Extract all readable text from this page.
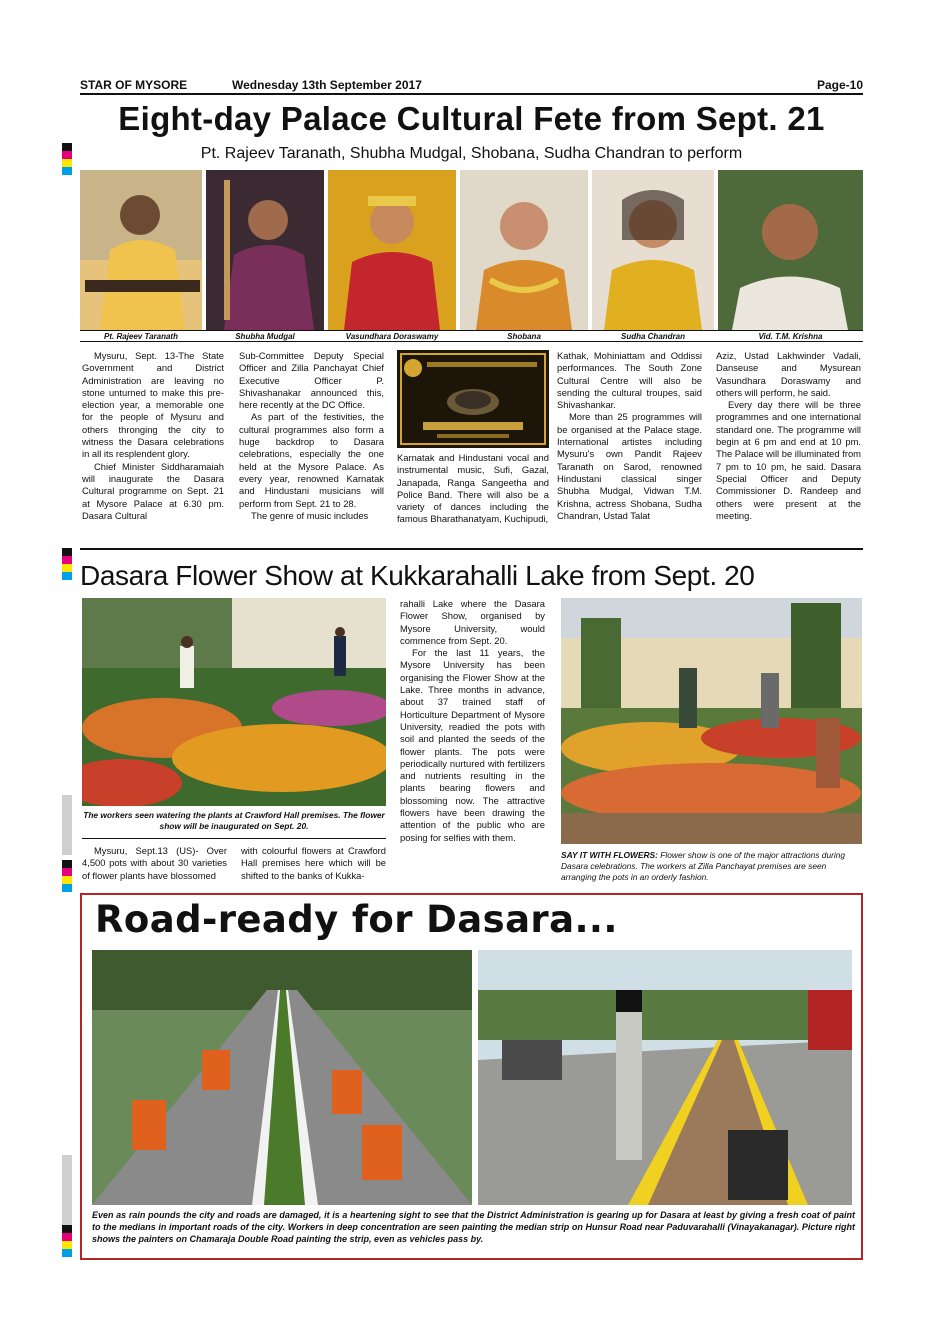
STAR OF MYSORE	Wednesday 13th September 2017	Page-10
Eight-day Palace Cultural Fete from Sept. 21
Pt. Rajeev Taranath, Shubha Mudgal, Shobana, Sudha Chandran to perform
Pt. Rajeev Taranath	Shubha Mudgal	Vasundhara Doraswamy	Shobana	Sudha Chandran	Vid. T.M. Krishna

Mysuru, Sept. 13-The State Government and District Administration are leaving no stone unturned to make this pre-election year, a memorable one for the people of Mysuru and others thronging the city to witness the Dasara celebrations in all its resplendent glory.

Chief Minister Siddharamaiah will inaugurate the Dasara Cultural programme on Sept. 21 at Mysore Palace at 6.30 pm. Dasara Cultural

Sub-Committee Deputy Special Officer and Zilla Panchayat Chief Executive Officer P. Shivashanakar announced this, here recently at the DC Office.

As part of the festivities, the cultural programmes also form a huge backdrop to Dasara celebrations, especially the one held at the Mysore Palace. As every year, renowned Karnatak and Hindustani musicians will perform from Sept. 21 to 28.

The genre of music includes

Karnatak and Hindustani vocal and instrumental music, Sufi, Gazal, Janapada, Ranga Sangeetha and Police Band. There will also be a variety of dances including the famous Bharathanatyam, Kuchipudi,

Kathak, Mohiniattam and Oddissi performances. The South Zone Cultural Centre will also be sending the cultural troupes, said Shivashankar.

More than 25 programmes will be organised at the Palace stage. International artistes including Mysuru's own Pandit Rajeev Taranath on Sarod, renowned Hindustani classical singer Shubha Mudgal, Vidwan T.M. Krishna, actress Shobana, Sudha Chandran, Ustad Talat

Aziz, Ustad Lakhwinder Vadali, Danseuse and Mysurean Vasundhara Doraswamy and others will perform, he said.

Every day there will be three programmes and one international standard one. The programme will begin at 6 pm and end at 10 pm. The Palace will be illuminated from 7 pm to 10 pm, he said. Dasara Special Officer and Deputy Commissioner D. Randeep and others were present at the meeting.

Dasara Flower Show at Kukkarahalli Lake from Sept. 20
The workers seen watering the plants at Crawford Hall premises. The flower show will be inaugurated on Sept. 20.

Mysuru, Sept.13 (US)- Over 4,500 pots with about 30 varieties of flower plants have blossomed

with colourful flowers at Crawford Hall premises here which will be shifted to the banks of Kukka-

rahalli Lake where the Dasara Flower Show, organised by Mysore University, would commence from Sept. 20.

For the last 11 years, the Mysore University has been organising the Flower Show at the Lake. Three months in advance, about 37 trained staff of Horticulture Department of Mysore University, readied the pots with soil and planted the seeds of the flower plants. The pots were periodically nurtured with fertilizers and nutrients resulting in the plants bearing flowers and blossoming now. The attractive flowers have been drawing the attention of the public who are posing for selfies with them.

SAY IT WITH FLOWERS: Flower show is one of the major attractions during Dasara celebrations. The workers at Zilla Panchayat premises are seen arranging the pots in an orderly fashion.
Road-ready for Dasara...
Even as rain pounds the city and roads are damaged, it is a heartening sight to see that the District Administration is gearing up for Dasara at least by giving a fresh coat of paint to the medians in important roads of the city. Workers in deep concentration are seen painting the median strip on Hunsur Road near Paduvarahalli (Vinayakanagar). Picture right shows the painters on Chamaraja Double Road painting the strip, even as vehicles pass by.
